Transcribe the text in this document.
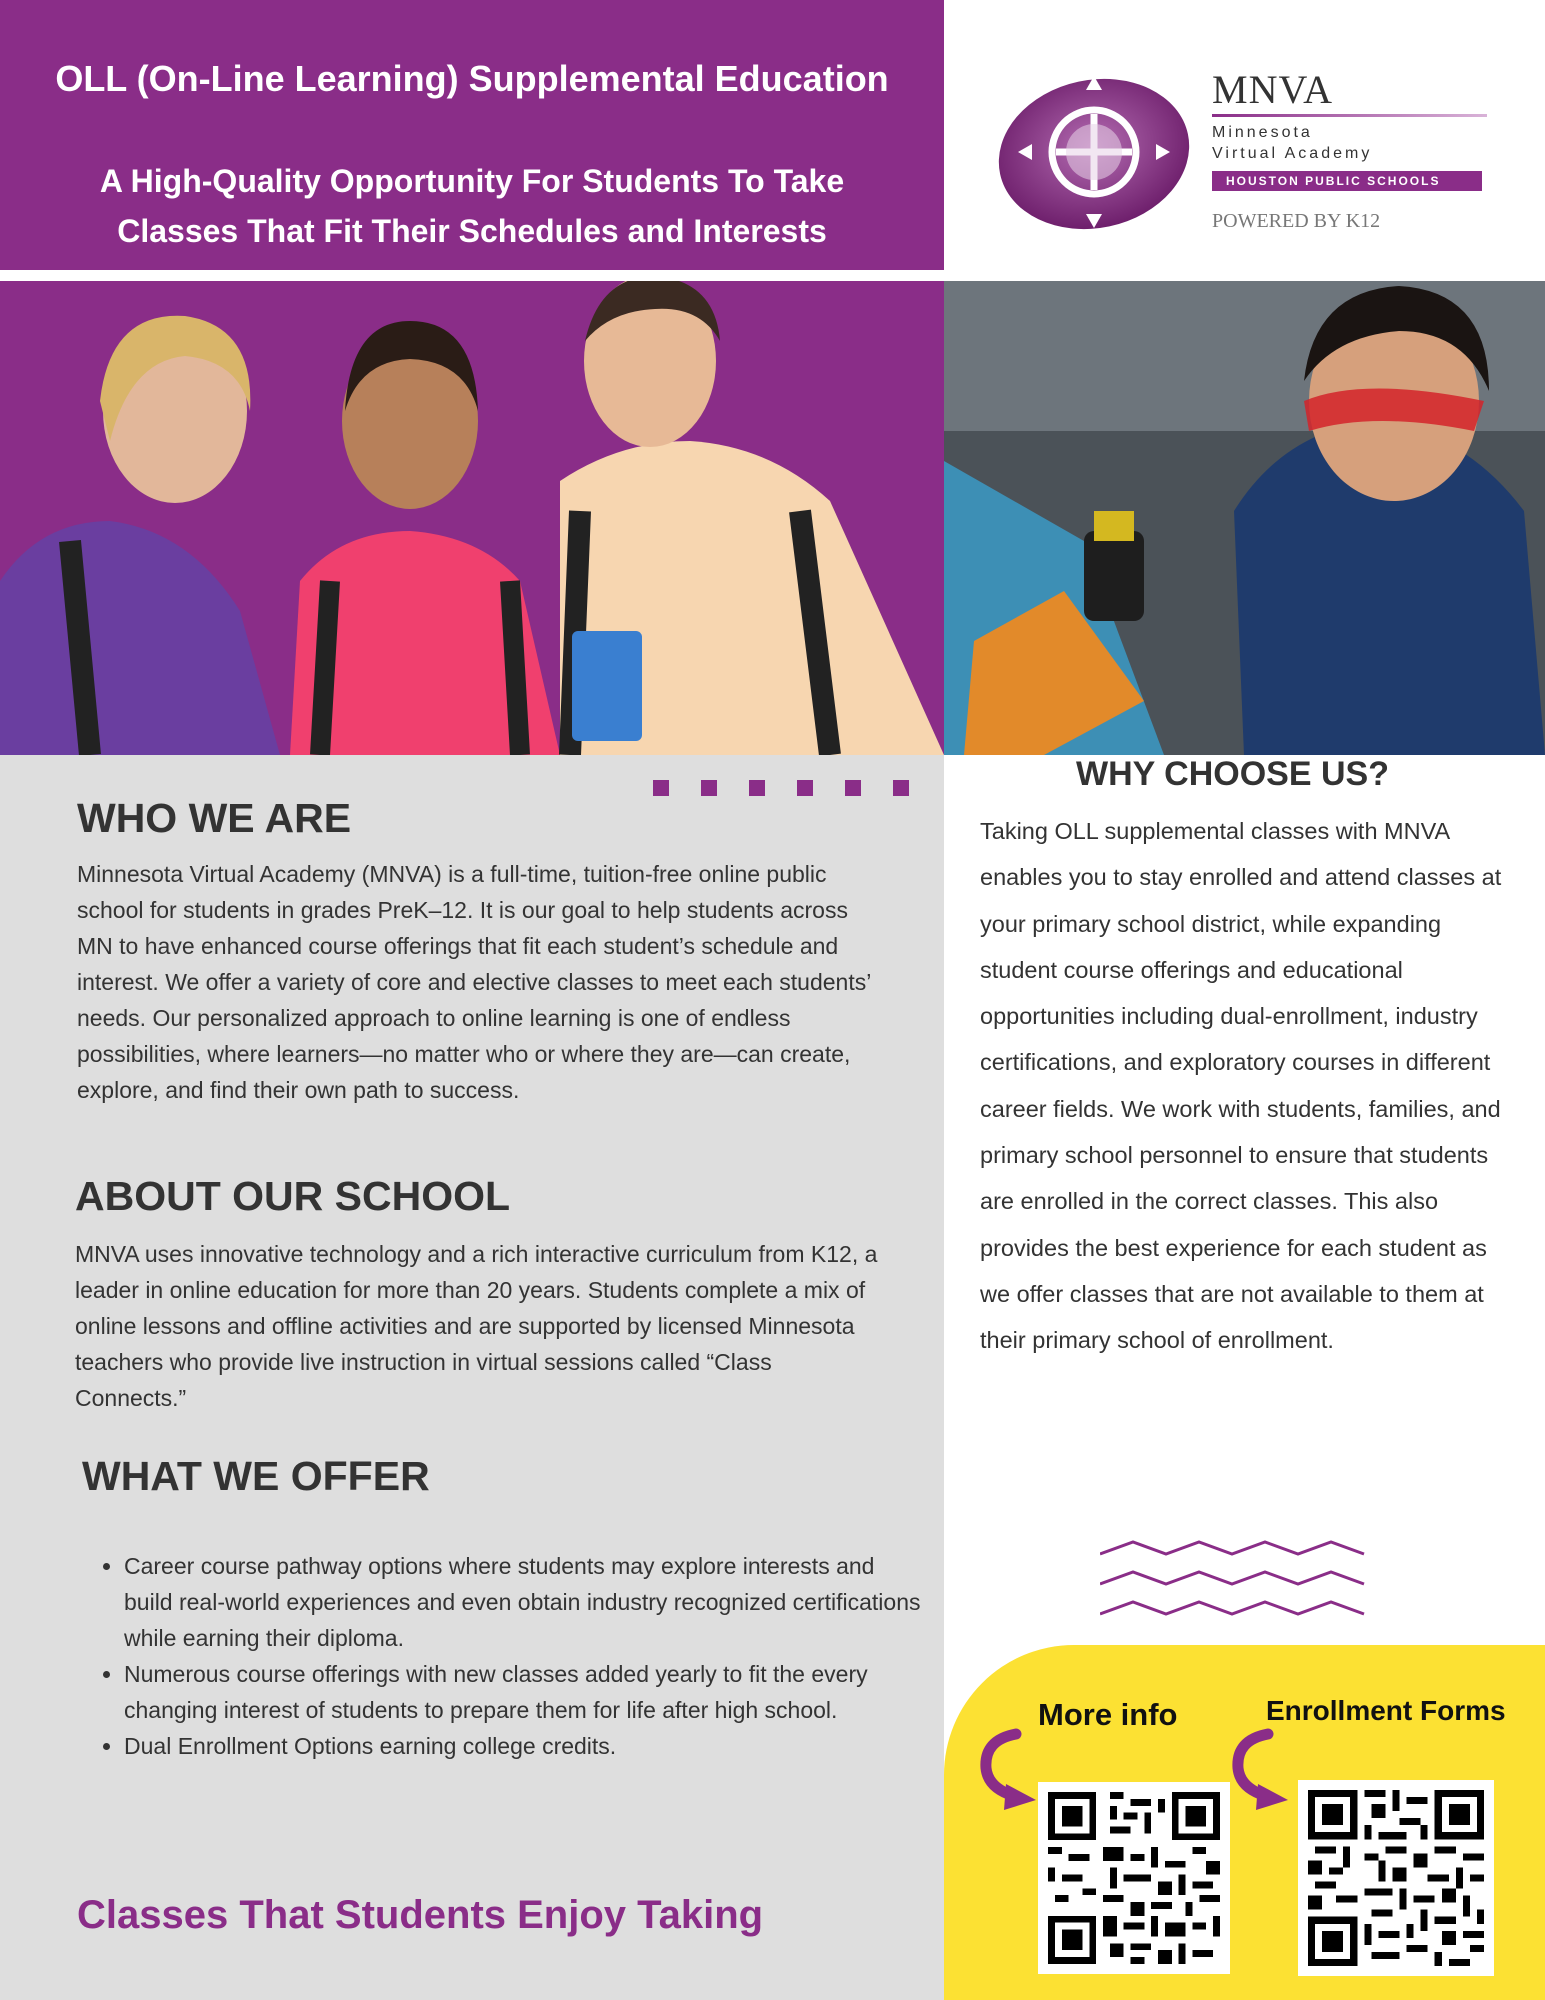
OLL (On-Line Learning) Supplemental Education
A High-Quality Opportunity For Students To Take
Classes That Fit Their Schedules and Interests
MNVA
Minnesota
Virtual Academy
HOUSTON PUBLIC SCHOOLS
POWERED BY K12
WHO WE ARE
Minnesota Virtual Academy (MNVA) is a full-time, tuition-free online public school for students in grades PreK–12. It is our goal to help students across MN to have enhanced course offerings that fit each student’s schedule and interest. We offer a variety of core and elective classes to meet each students’ needs. Our personalized approach to online learning is one of endless possibilities, where learners—no matter who or where they are—can create, explore, and find their own path to success.
ABOUT OUR SCHOOL
MNVA uses innovative technology and a rich interactive curriculum from K12, a leader in online education for more than 20 years. Students complete a mix of online lessons and offline activities and are supported by licensed Minnesota teachers who provide live instruction in virtual sessions called “Class Connects.”
WHAT WE OFFER
• Career course pathway options where students may explore interests and build real-world experiences and even obtain industry recognized certifications while earning their diploma.
• Numerous course offerings with new classes added yearly to fit the every changing interest of students to prepare them for life after high school.
• Dual Enrollment Options earning college credits.
Classes That Students Enjoy Taking
WHY CHOOSE US?
Taking OLL supplemental classes with MNVA enables you to stay enrolled and attend classes at your primary school district, while expanding student course offerings and educational opportunities including dual-enrollment, industry certifications, and exploratory courses in different career fields. We work with students, families, and primary school personnel to ensure that students are enrolled in the correct classes. This also provides the best experience for each student as we offer classes that are not available to them at their primary school of enrollment.
More info	Enrollment Forms
